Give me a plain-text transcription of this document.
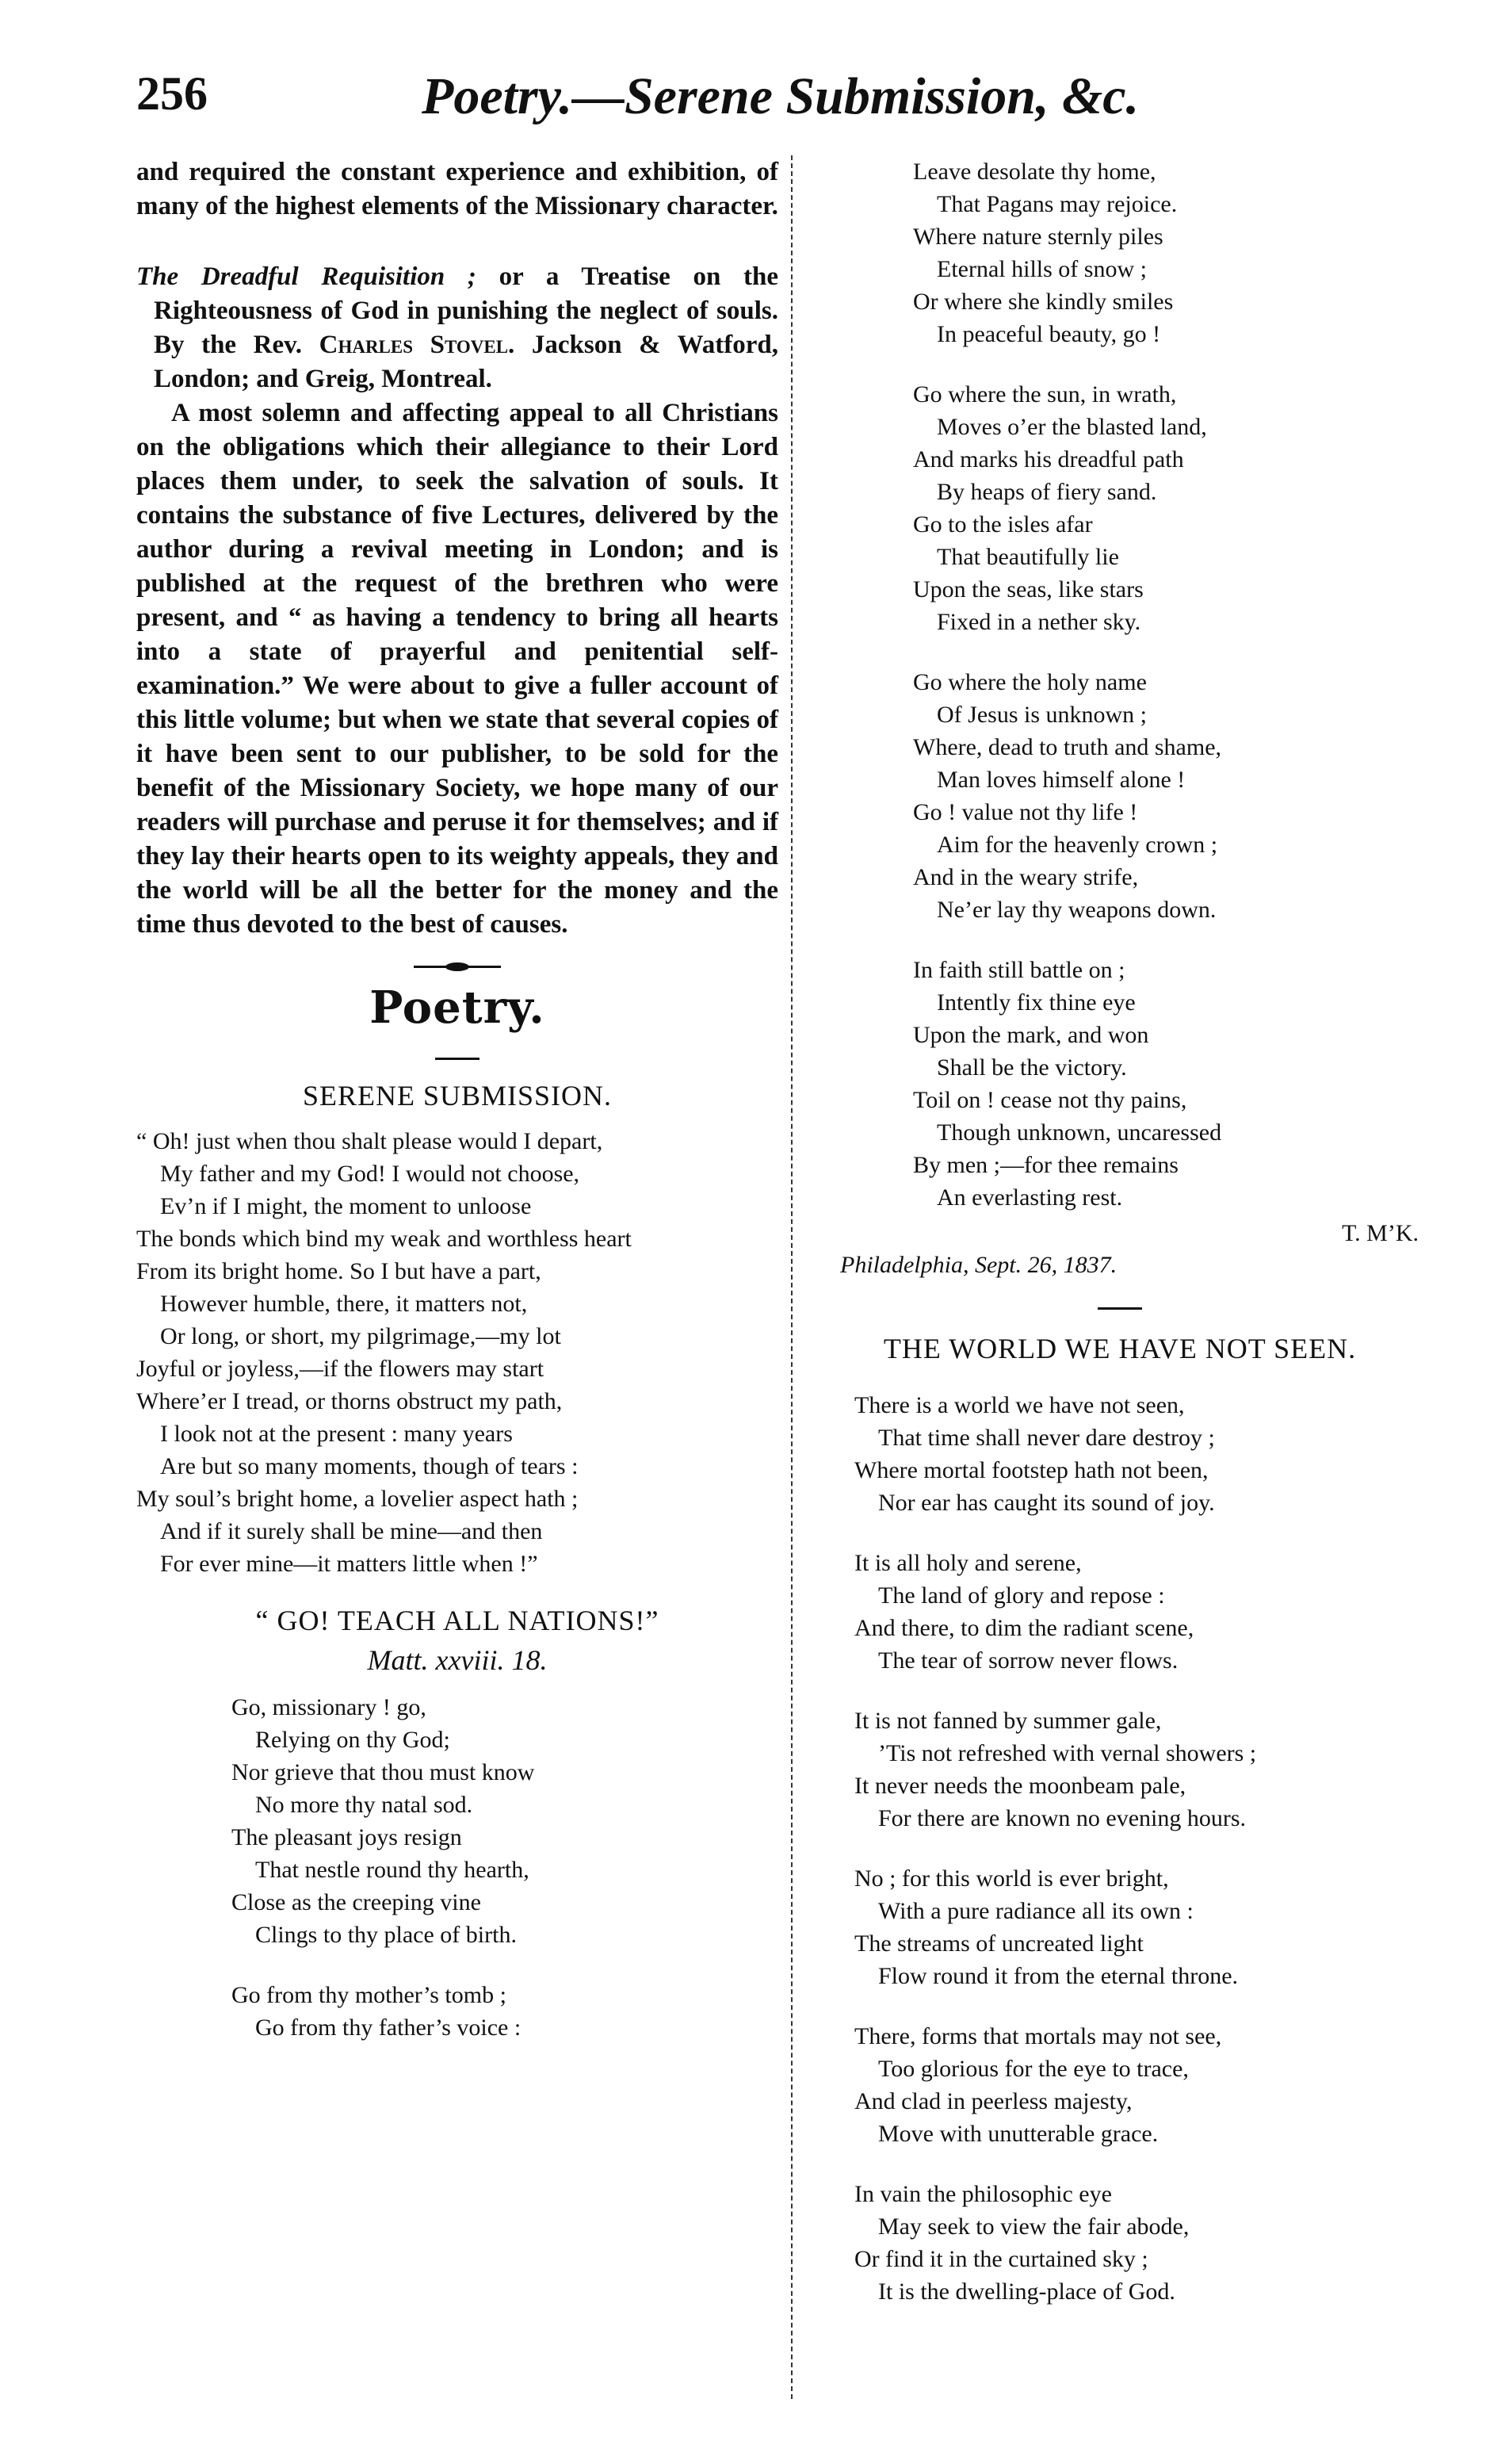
256	Poetry.—Serene Submission, &c.

and required the constant experience and exhibition, of many of the highest elements of the Missionary character.

The Dreadful Requisition ; or a Treatise on the Righteousness of God in punishing the neglect of souls. By the Rev. Charles Stovel. Jackson & Watford, London; and Greig, Montreal.

A most solemn and affecting appeal to all Christians on the obligations which their allegiance to their Lord places them under, to seek the salvation of souls. It contains the substance of five Lectures, delivered by the author during a revival meeting in London; and is published at the request of the brethren who were present, and “ as having a tendency to bring all hearts into a state of prayerful and penitential self-examination.” We were about to give a fuller account of this little volume; but when we state that several copies of it have been sent to our publisher, to be sold for the benefit of the Missionary Society, we hope many of our readers will purchase and peruse it for themselves; and if they lay their hearts open to its weighty appeals, they and the world will be all the better for the money and the time thus devoted to the best of causes.

Poetry.
SERENE SUBMISSION.
“ Oh! just when thou shalt please would I depart,
My father and my God! I would not choose,
Ev’n if I might, the moment to unloose
The bonds which bind my weak and worthless heart
From its bright home. So I but have a part,
However humble, there, it matters not,
Or long, or short, my pilgrimage,—my lot
Joyful or joyless,—if the flowers may start
Where’er I tread, or thorns obstruct my path,
I look not at the present : many years
Are but so many moments, though of tears :
My soul’s bright home, a lovelier aspect hath ;
And if it surely shall be mine—and then
For ever mine—it matters little when !”
“ GO! TEACH ALL NATIONS!”
Matt. xxviii. 18.
Go, missionary ! go,
Relying on thy God;
Nor grieve that thou must know
No more thy natal sod.
The pleasant joys resign
That nestle round thy hearth,
Close as the creeping vine
Clings to thy place of birth.
Go from thy mother’s tomb ;
Go from thy father’s voice :
Leave desolate thy home,
That Pagans may rejoice.
Where nature sternly piles
Eternal hills of snow ;
Or where she kindly smiles
In peaceful beauty, go !
Go where the sun, in wrath,
Moves o’er the blasted land,
And marks his dreadful path
By heaps of fiery sand.
Go to the isles afar
That beautifully lie
Upon the seas, like stars
Fixed in a nether sky.
Go where the holy name
Of Jesus is unknown ;
Where, dead to truth and shame,
Man loves himself alone !
Go ! value not thy life !
Aim for the heavenly crown ;
And in the weary strife,
Ne’er lay thy weapons down.
In faith still battle on ;
Intently fix thine eye
Upon the mark, and won
Shall be the victory.
Toil on ! cease not thy pains,
Though unknown, uncaressed
By men ;—for thee remains
An everlasting rest.
T. M’K.
Philadelphia, Sept. 26, 1837.
THE WORLD WE HAVE NOT SEEN.
There is a world we have not seen,
That time shall never dare destroy ;
Where mortal footstep hath not been,
Nor ear has caught its sound of joy.
It is all holy and serene,
The land of glory and repose :
And there, to dim the radiant scene,
The tear of sorrow never flows.
It is not fanned by summer gale,
’Tis not refreshed with vernal showers ;
It never needs the moonbeam pale,
For there are known no evening hours.
No ; for this world is ever bright,
With a pure radiance all its own :
The streams of uncreated light
Flow round it from the eternal throne.
There, forms that mortals may not see,
Too glorious for the eye to trace,
And clad in peerless majesty,
Move with unutterable grace.
In vain the philosophic eye
May seek to view the fair abode,
Or find it in the curtained sky ;
It is the dwelling-place of God.
